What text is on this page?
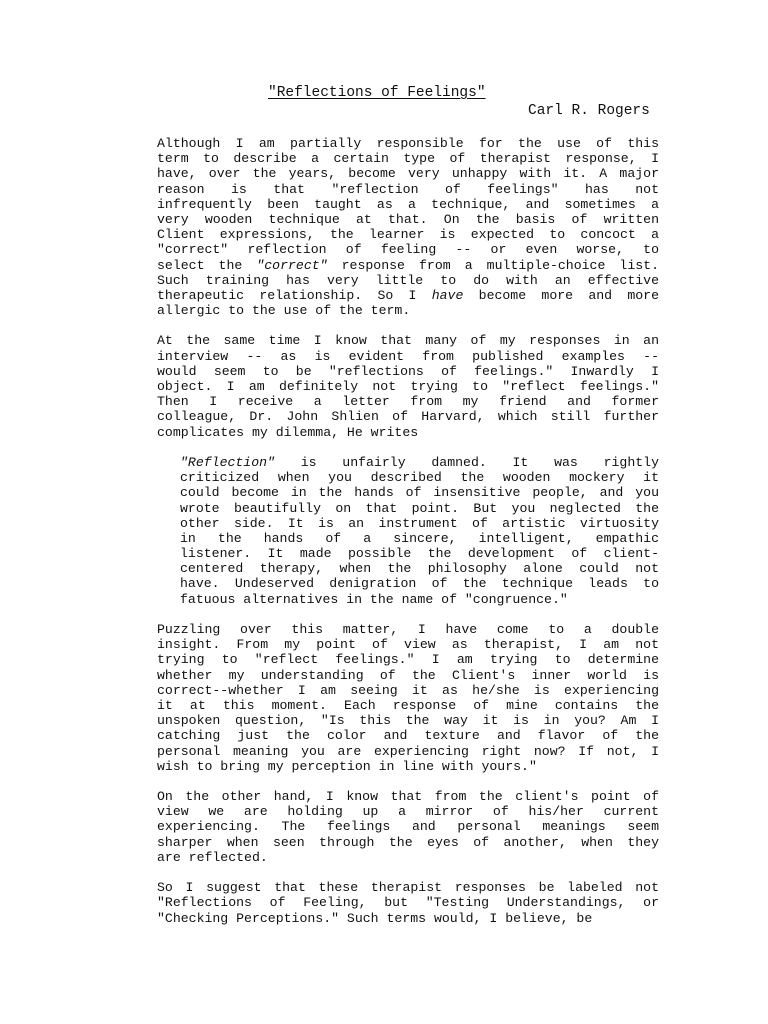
"Reflections of Feelings"
Carl R. Rogers
Although I am partially responsible for the use of this
term to describe a certain type of therapist response, I
have, over the years, become very unhappy with it. A major
reason is that "reflection of feelings" has not
infrequently been taught as a technique, and sometimes a
very wooden technique at that. On the basis of written
Client expressions, the learner is expected to concoct a
"correct" reflection of feeling -- or even worse, to
select the "correct" response from a multiple-choice list.
Such training has very little to do with an effective
therapeutic relationship. So I have become more and more
allergic to the use of the term.
At the same time I know that many of my responses in an
interview -- as is evident from published examples --
would seem to be "reflections of feelings." Inwardly I
object. I am definitely not trying to "reflect feelings."
Then I receive a letter from my friend and former
colleague, Dr. John Shlien of Harvard, which still further
complicates my dilemma, He writes
"Reflection" is unfairly damned. It was rightly
criticized when you described the wooden mockery it
could become in the hands of insensitive people, and you
wrote beautifully on that point. But you neglected the
other side. It is an instrument of artistic virtuosity
in the hands of a sincere, intelligent, empathic
listener. It made possible the development of client-
centered therapy, when the philosophy alone could not
have. Undeserved denigration of the technique leads to
fatuous alternatives in the name of "congruence."
Puzzling over this matter, I have come to a double
insight. From my point of view as therapist, I am not
trying to "reflect feelings." I am trying to determine
whether my understanding of the Client's inner world is
correct--whether I am seeing it as he/she is experiencing
it at this moment. Each response of mine contains the
unspoken question, "Is this the way it is in you? Am I
catching just the color and texture and flavor of the
personal meaning you are experiencing right now? If not, I
wish to bring my perception in line with yours."
On the other hand, I know that from the client's point of
view we are holding up a mirror of his/her current
experiencing. The feelings and personal meanings seem
sharper when seen through the eyes of another, when they
are reflected.
So I suggest that these therapist responses be labeled not
"Reflections of Feeling, but "Testing Understandings, or
"Checking Perceptions." Such terms would, I believe, be
